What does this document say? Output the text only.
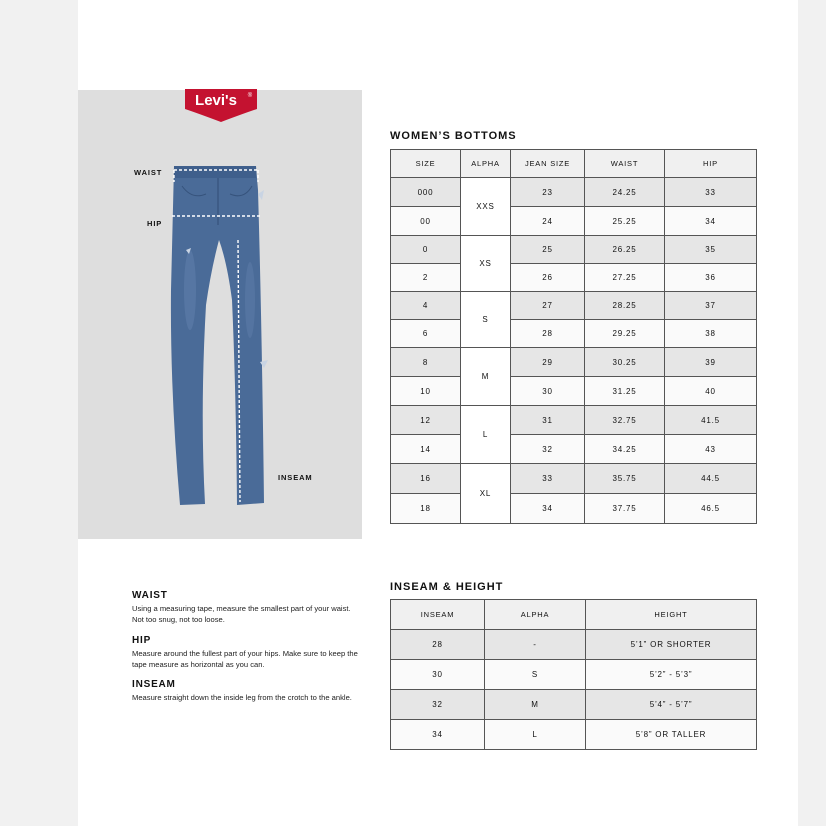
Levi's ®
WAIST
HIP
INSEAM
WOMEN’S BOTTOMS
SIZE	ALPHA	JEAN SIZE	WAIST	HIP
000	XXS	23	24.25	33
00		24	25.25	34
0	XS	25	26.25	35
2		26	27.25	36
4	S	27	28.25	37
6		28	29.25	38
8	M	29	30.25	39
10		30	31.25	40
12	L	31	32.75	41.5
14		32	34.25	43
16	XL	33	35.75	44.5
18		34	37.75	46.5
INSEAM & HEIGHT
INSEAM	ALPHA	HEIGHT
28	-	5’1” OR SHORTER
30	S	5’2” - 5’3”
32	M	5’4” - 5’7”
34	L	5’8” OR TALLER
WAIST
Using a measuring tape, measure the smallest part of your waist. Not too snug, not too loose.
HIP
Measure around the fullest part of your hips. Make sure to keep the tape measure as horizontal as you can.
INSEAM
Measure straight down the inside leg from the crotch to the ankle.
